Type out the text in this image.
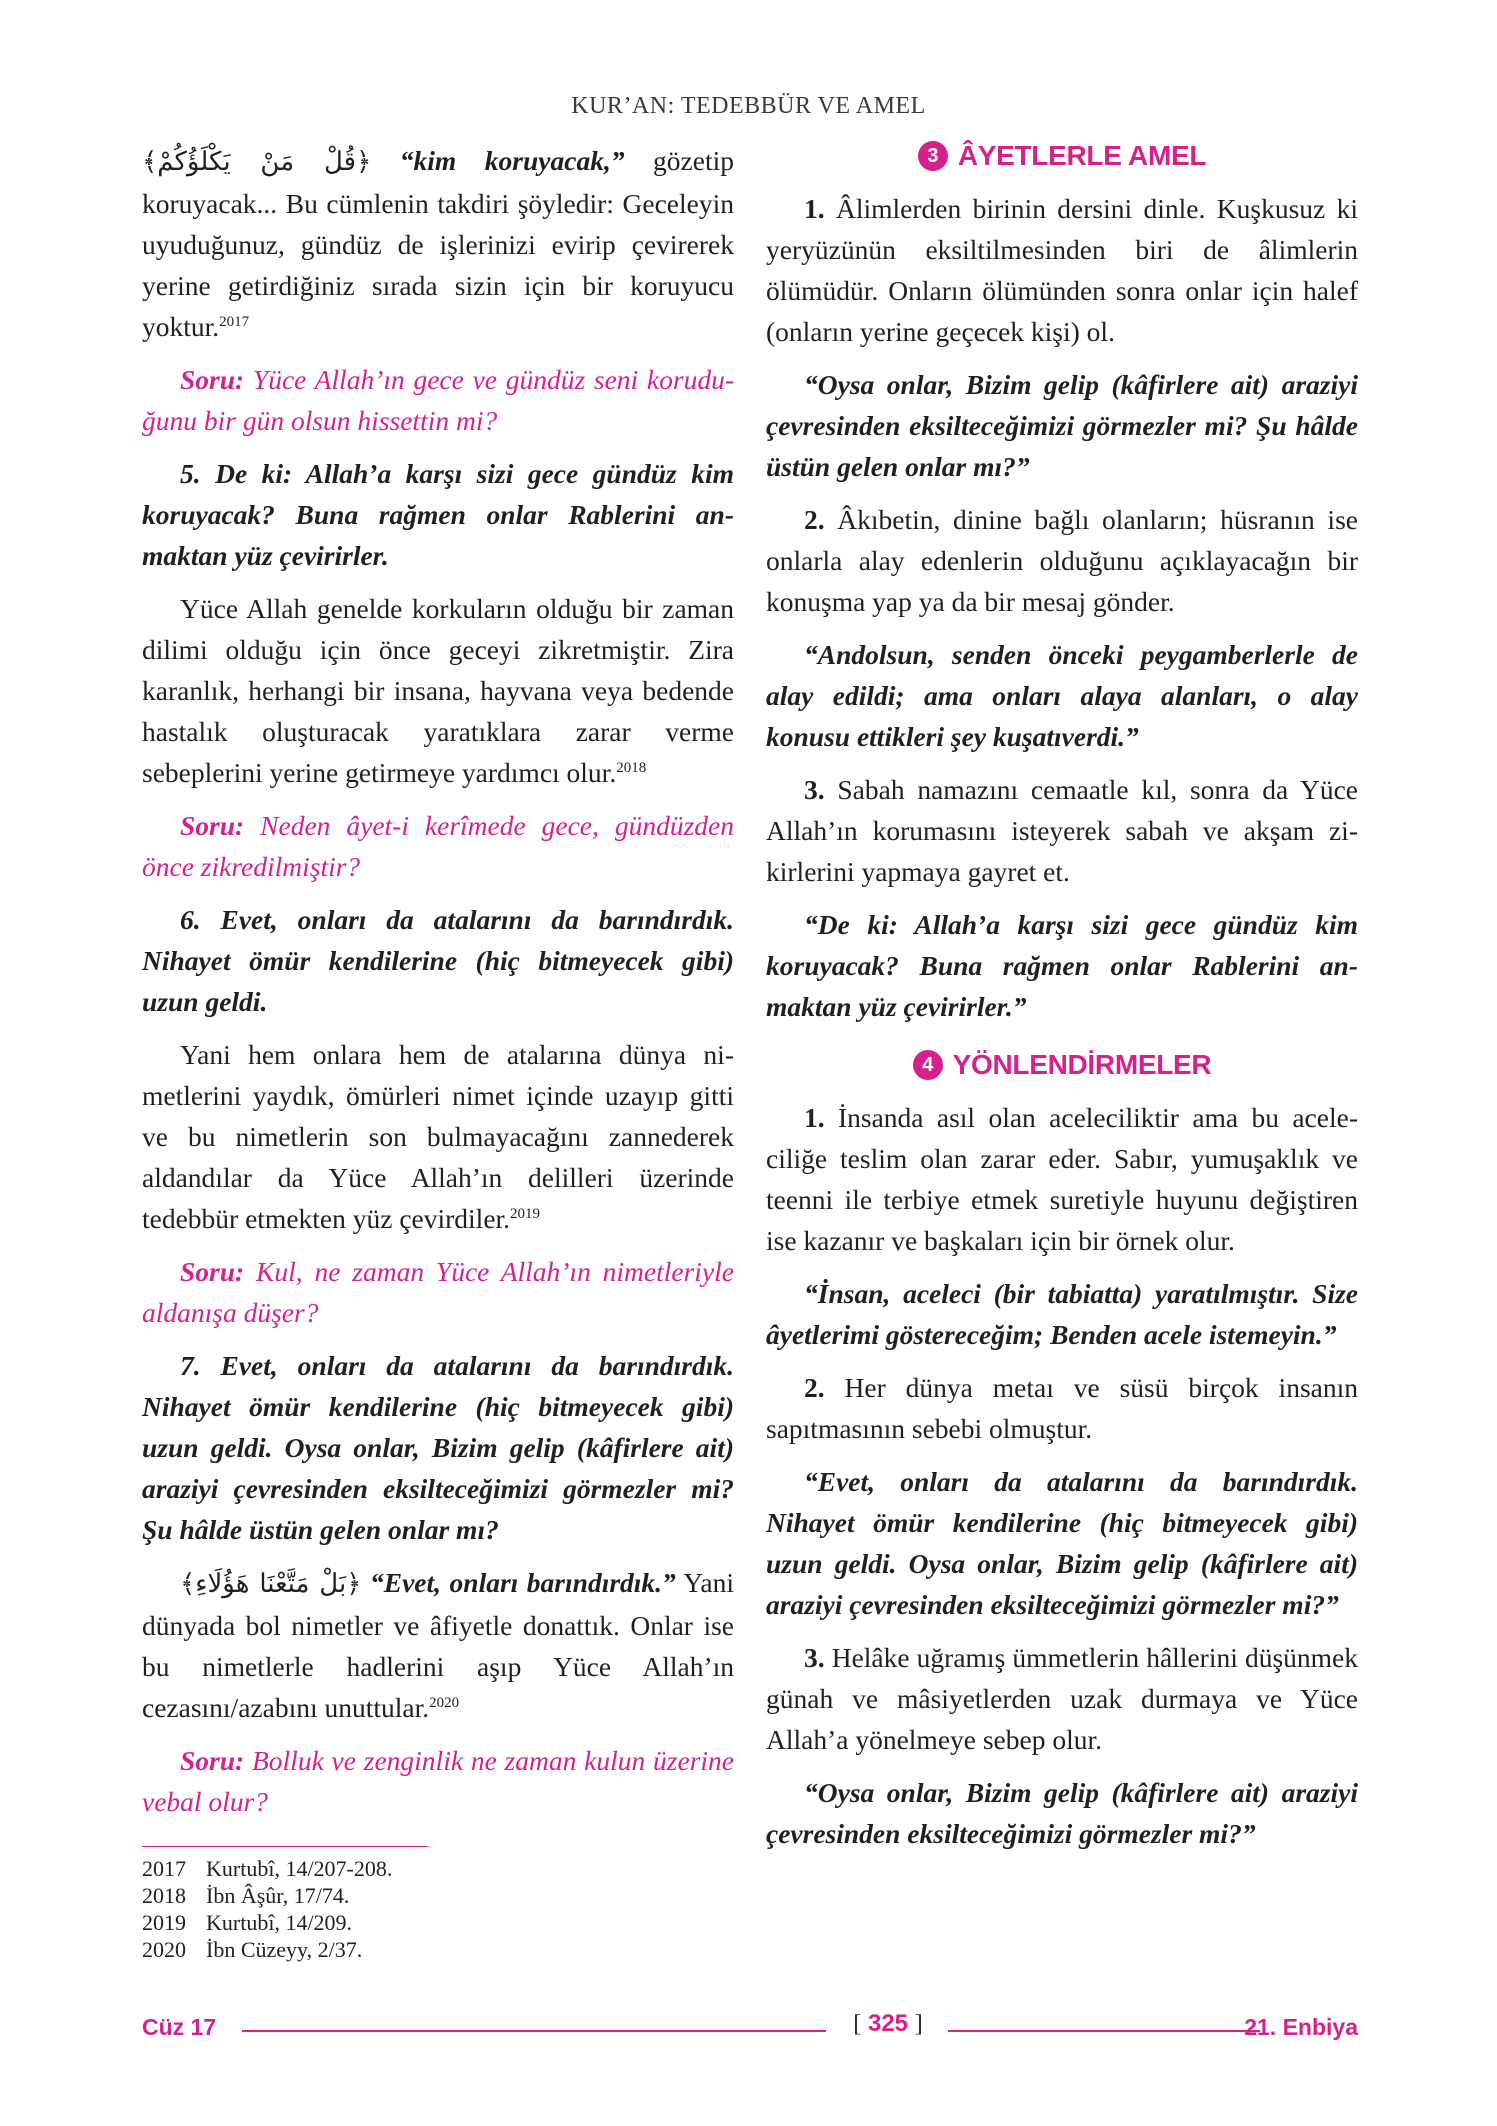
KUR’AN: TEDEBBÜR VE AMEL

﴿قُلْ مَنْ يَكْلَؤُكُمْ﴾ “kim koruyacak,” gözetip koruyacak... Bu cümlenin takdiri şöyledir: Geceleyin uyuduğunuz, gündüz de işlerinizi evirip çevirerek yerine getirdiğiniz sırada sizin için bir koruyucu yoktur.$^{2017}$

Soru: Yüce Allah’ın gece ve gündüz seni koruduğunu bir gün olsun hissettin mi?

5. De ki: Allah’a karşı sizi gece gündüz kim koruyacak? Buna rağmen onlar Rablerini anmaktan yüz çevirirler.

Yüce Allah genelde korkuların olduğu bir zaman dilimi olduğu için önce geceyi zikretmiştir. Zira karanlık, herhangi bir insana, hayvana veya bedende hastalık oluşturacak yaratıklara zarar verme sebeplerini yerine getirmeye yardımcı olur.$^{2018}$

Soru: Neden âyet-i kerîmede gece, gündüzden önce zikredilmiştir?

6. Evet, onları da atalarını da barındırdık. Nihayet ömür kendilerine (hiç bitmeyecek gibi) uzun geldi.

Yani hem onlara hem de atalarına dünya nimetlerini yaydık, ömürleri nimet içinde uzayıp gitti ve bu nimetlerin son bulmayacağını zannederek aldandılar da Yüce Allah’ın delilleri üzerinde tedebbür etmekten yüz çevirdiler.$^{2019}$

Soru: Kul, ne zaman Yüce Allah’ın nimetleriyle aldanışa düşer?

7. Evet, onları da atalarını da barındırdık. Nihayet ömür kendilerine (hiç bitmeyecek gibi) uzun geldi. Oysa onlar, Bizim gelip (kâfirlere ait) araziyi çevresinden eksilteceğimizi görmezler mi? Şu hâlde üstün gelen onlar mı?

﴿بَلْ مَتَّعْنَا هَؤُلَاءِ﴾ “Evet, onları barındırdık.” Yani dünyada bol nimetler ve âfiyetle donattık. Onlar ise bu nimetlerle hadlerini aşıp Yüce Allah’ın cezasını/azabını unuttular.$^{2020}$

Soru: Bolluk ve zenginlik ne zaman kulun üzerine vebal olur?

2017 Kurtubî, 14/207-208.
2018 İbn Âşûr, 17/74.
2019 Kurtubî, 14/209.
2020 İbn Cüzeyy, 2/37.
3 ÂYETLERLE AMEL

1. Âlimlerden birinin dersini dinle. Kuşkusuz ki yeryüzünün eksiltilmesinden biri de âlimlerin ölümüdür. Onların ölümünden sonra onlar için halef (onların yerine geçecek kişi) ol.

“Oysa onlar, Bizim gelip (kâfirlere ait) araziyi çevresinden eksilteceğimizi görmezler mi? Şu hâlde üstün gelen onlar mı?”

2. Âkıbetin, dinine bağlı olanların; hüsranın ise onlarla alay edenlerin olduğunu açıklayacağın bir konuşma yap ya da bir mesaj gönder.

“Andolsun, senden önceki peygamberlerle de alay edildi; ama onları alaya alanları, o alay konusu ettikleri şey kuşatıverdi.”

3. Sabah namazını cemaatle kıl, sonra da Yüce Allah’ın korumasını isteyerek sabah ve akşam zikirlerini yapmaya gayret et.

“De ki: Allah’a karşı sizi gece gündüz kim koruyacak? Buna rağmen onlar Rablerini anmaktan yüz çevirirler.”

4 YÖNLENDİRMELER

1. İnsanda asıl olan aceleciliktir ama bu aceleciliğe teslim olan zarar eder. Sabır, yumuşaklık ve teenni ile terbiye etmek suretiyle huyunu değiştiren ise kazanır ve başkaları için bir örnek olur.

“İnsan, aceleci (bir tabiatta) yaratılmıştır. Size âyetlerimi göstereceğim; Benden acele istemeyin.”

2. Her dünya metaı ve süsü birçok insanın sapıtmasının sebebi olmuştur.

“Evet, onları da atalarını da barındırdık. Nihayet ömür kendilerine (hiç bitmeyecek gibi) uzun geldi. Oysa onlar, Bizim gelip (kâfirlere ait) araziyi çevresinden eksilteceğimizi görmezler mi?”

3. Helâke uğramış ümmetlerin hâllerini düşünmek günah ve mâsiyetlerden uzak durmaya ve Yüce Allah’a yönelmeye sebep olur.

“Oysa onlar, Bizim gelip (kâfirlere ait) araziyi çevresinden eksilteceğimizi görmezler mi?”

Cüz 17	[ 325 ]	21. Enbiya
